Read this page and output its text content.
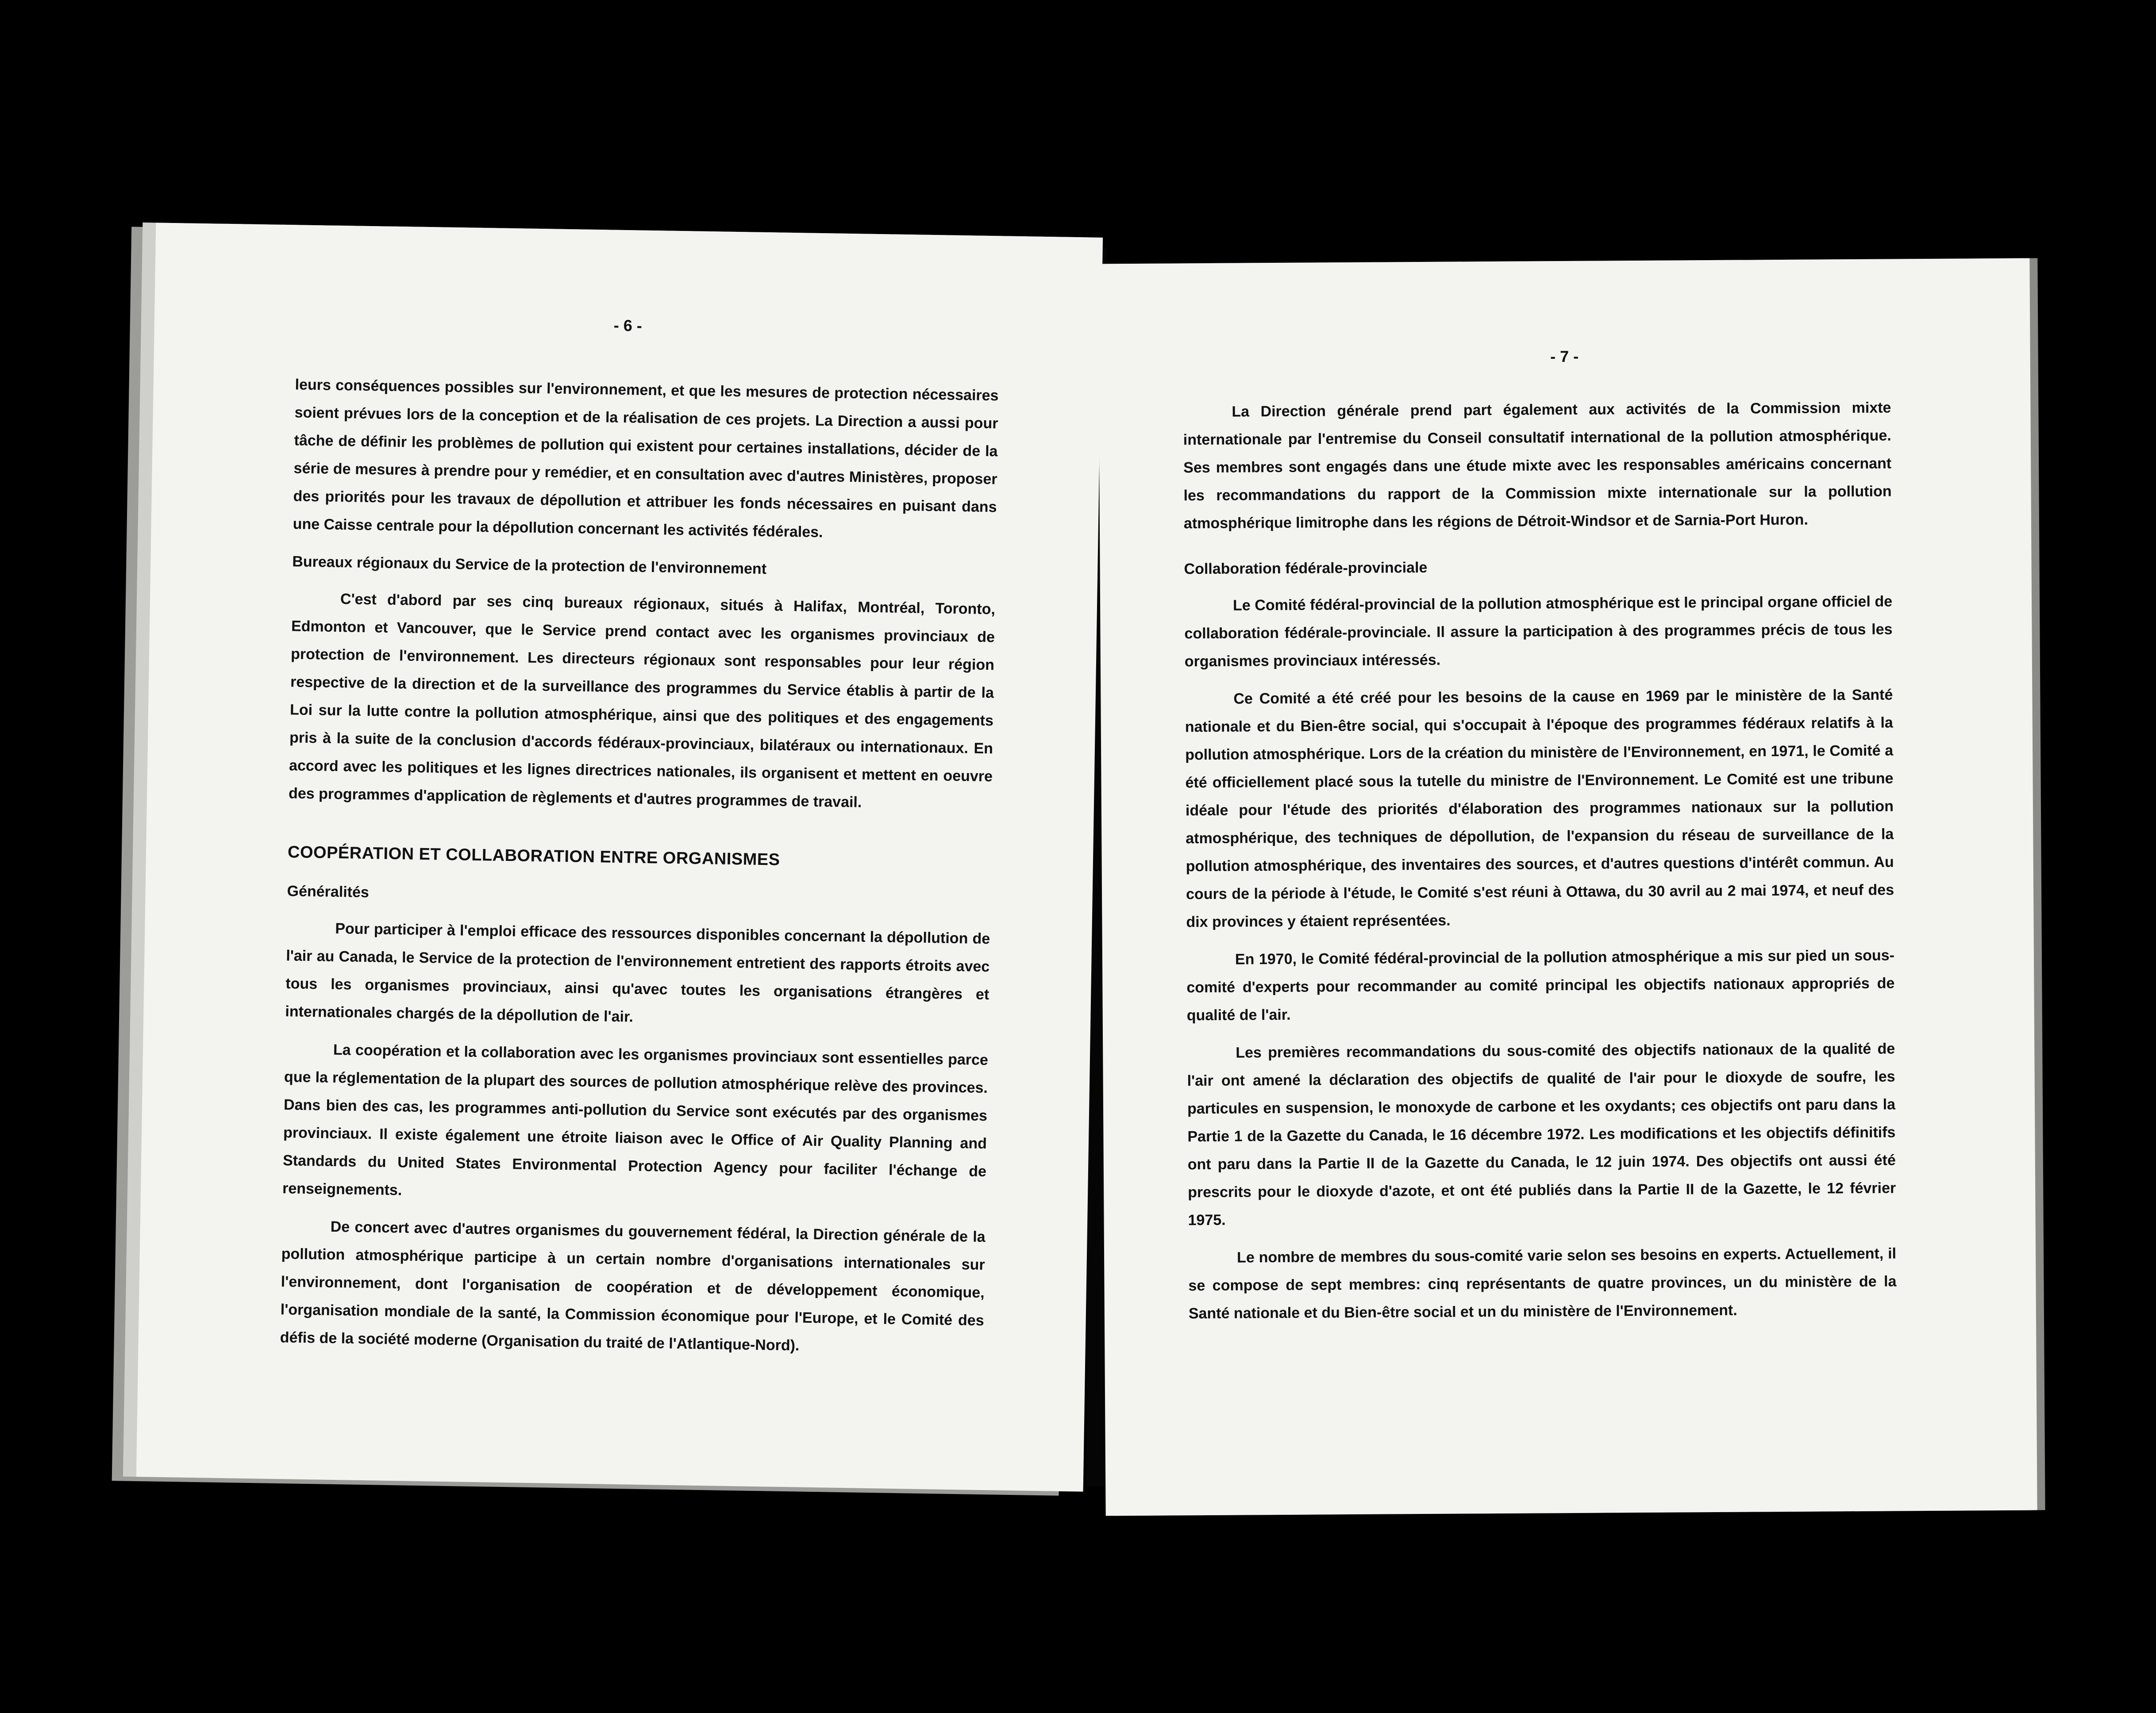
- 6 -

leurs conséquences possibles sur l'environnement, et que les mesures de protection nécessaires soient prévues lors de la conception et de la réalisation de ces projets. La Direction a aussi pour tâche de définir les problèmes de pollution qui existent pour certaines installations, décider de la série de mesures à prendre pour y remédier, et en consultation avec d'autres Ministères, proposer des priorités pour les travaux de dépollution et attribuer les fonds nécessaires en puisant dans une Caisse centrale pour la dépollution concernant les activités fédérales.

Bureaux régionaux du Service de la protection de l'environnement

C'est d'abord par ses cinq bureaux régionaux, situés à Halifax, Montréal, Toronto, Edmonton et Vancouver, que le Service prend contact avec les organismes provinciaux de protection de l'environnement. Les directeurs régionaux sont responsables pour leur région respective de la direction et de la surveillance des programmes du Service établis à partir de la Loi sur la lutte contre la pollution atmosphérique, ainsi que des politiques et des engagements pris à la suite de la conclusion d'accords fédéraux-provinciaux, bilatéraux ou internationaux. En accord avec les politiques et les lignes directrices nationales, ils organisent et mettent en oeuvre des programmes d'application de règlements et d'autres programmes de travail.

COOPÉRATION ET COLLABORATION ENTRE ORGANISMES
Généralités

Pour participer à l'emploi efficace des ressources disponibles concernant la dépollution de l'air au Canada, le Service de la protection de l'environnement entretient des rapports étroits avec tous les organismes provinciaux, ainsi qu'avec toutes les organisations étrangères et internationales chargés de la dépollution de l'air.

La coopération et la collaboration avec les organismes provinciaux sont essentielles parce que la réglementation de la plupart des sources de pollution atmosphérique relève des provinces. Dans bien des cas, les programmes anti-pollution du Service sont exécutés par des organismes provinciaux. Il existe également une étroite liaison avec le Office of Air Quality Planning and Standards du United States Environmental Protection Agency pour faciliter l'échange de renseignements.

De concert avec d'autres organismes du gouvernement fédéral, la Direction générale de la pollution atmosphérique participe à un certain nombre d'organisations internationales sur l'environnement, dont l'organisation de coopération et de développement économique, l'organisation mondiale de la santé, la Commission économique pour l'Europe, et le Comité des défis de la société moderne (Organisation du traité de l'Atlantique-Nord).

- 7 -

La Direction générale prend part également aux activités de la Commission mixte internationale par l'entremise du Conseil consultatif international de la pollution atmosphérique. Ses membres sont engagés dans une étude mixte avec les responsables américains concernant les recommandations du rapport de la Commission mixte internationale sur la pollution atmosphérique limitrophe dans les régions de Détroit-Windsor et de Sarnia-Port Huron.

Collaboration fédérale-provinciale

Le Comité fédéral-provincial de la pollution atmosphérique est le principal organe officiel de collaboration fédérale-provinciale. Il assure la participation à des programmes précis de tous les organismes provinciaux intéressés.

Ce Comité a été créé pour les besoins de la cause en 1969 par le ministère de la Santé nationale et du Bien-être social, qui s'occupait à l'époque des programmes fédéraux relatifs à la pollution atmosphérique. Lors de la création du ministère de l'Environnement, en 1971, le Comité a été officiellement placé sous la tutelle du ministre de l'Environnement. Le Comité est une tribune idéale pour l'étude des priorités d'élaboration des programmes nationaux sur la pollution atmosphérique, des techniques de dépollution, de l'expansion du réseau de surveillance de la pollution atmosphérique, des inventaires des sources, et d'autres questions d'intérêt commun. Au cours de la période à l'étude, le Comité s'est réuni à Ottawa, du 30 avril au 2 mai 1974, et neuf des dix provinces y étaient représentées.

En 1970, le Comité fédéral-provincial de la pollution atmosphérique a mis sur pied un sous-comité d'experts pour recommander au comité principal les objectifs nationaux appropriés de qualité de l'air.

Les premières recommandations du sous-comité des objectifs nationaux de la qualité de l'air ont amené la déclaration des objectifs de qualité de l'air pour le dioxyde de soufre, les particules en suspension, le monoxyde de carbone et les oxydants; ces objectifs ont paru dans la Partie 1 de la Gazette du Canada, le 16 décembre 1972. Les modifications et les objectifs définitifs ont paru dans la Partie II de la Gazette du Canada, le 12 juin 1974. Des objectifs ont aussi été prescrits pour le dioxyde d'azote, et ont été publiés dans la Partie II de la Gazette, le 12 février 1975.

Le nombre de membres du sous-comité varie selon ses besoins en experts. Actuellement, il se compose de sept membres: cinq représentants de quatre provinces, un du ministère de la Santé nationale et du Bien-être social et un du ministère de l'Environnement.
